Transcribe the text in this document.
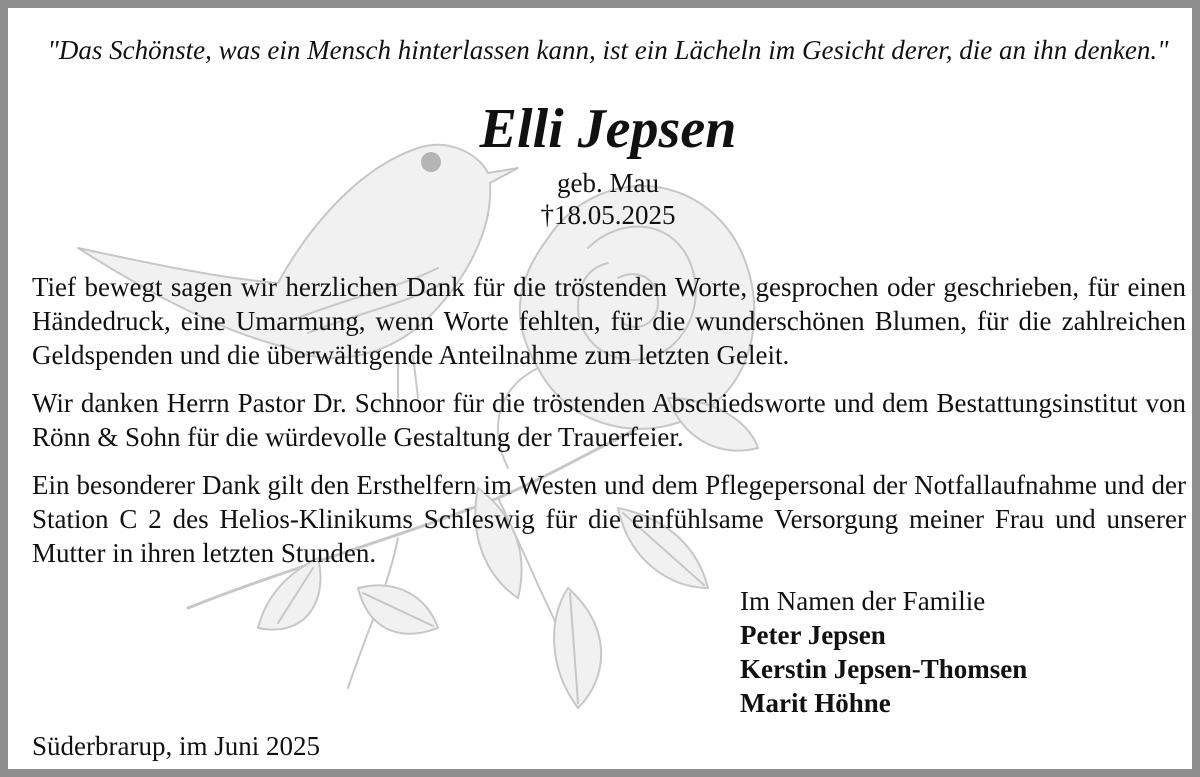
"Das Schönste, was ein Mensch hinterlassen kann, ist ein Lächeln im Gesicht derer, die an ihn denken."
Elli Jepsen
geb. Mau
†18.05.2025

Tief bewegt sagen wir herzlichen Dank für die tröstenden Worte, gesprochen oder geschrieben, für einen Händedruck, eine Umarmung, wenn Worte fehlten, für die wunderschönen Blumen, für die zahlreichen Geldspenden und die überwältigende Anteilnahme zum letzten Geleit.

Wir danken Herrn Pastor Dr. Schnoor für die tröstenden Abschiedsworte und dem Bestattungsinstitut von Rönn & Sohn für die würdevolle Gestaltung der Trauerfeier.

Ein besonderer Dank gilt den Ersthelfern im Westen und dem Pflegepersonal der Notfallaufnahme und der Station C 2 des Helios-Klinikums Schleswig für die einfühlsame Versorgung meiner Frau und unserer Mutter in ihren letzten Stunden.

Im Namen der Familie
Peter Jepsen
Kerstin Jepsen-Thomsen
Marit Höhne
Süderbrarup, im Juni 2025
